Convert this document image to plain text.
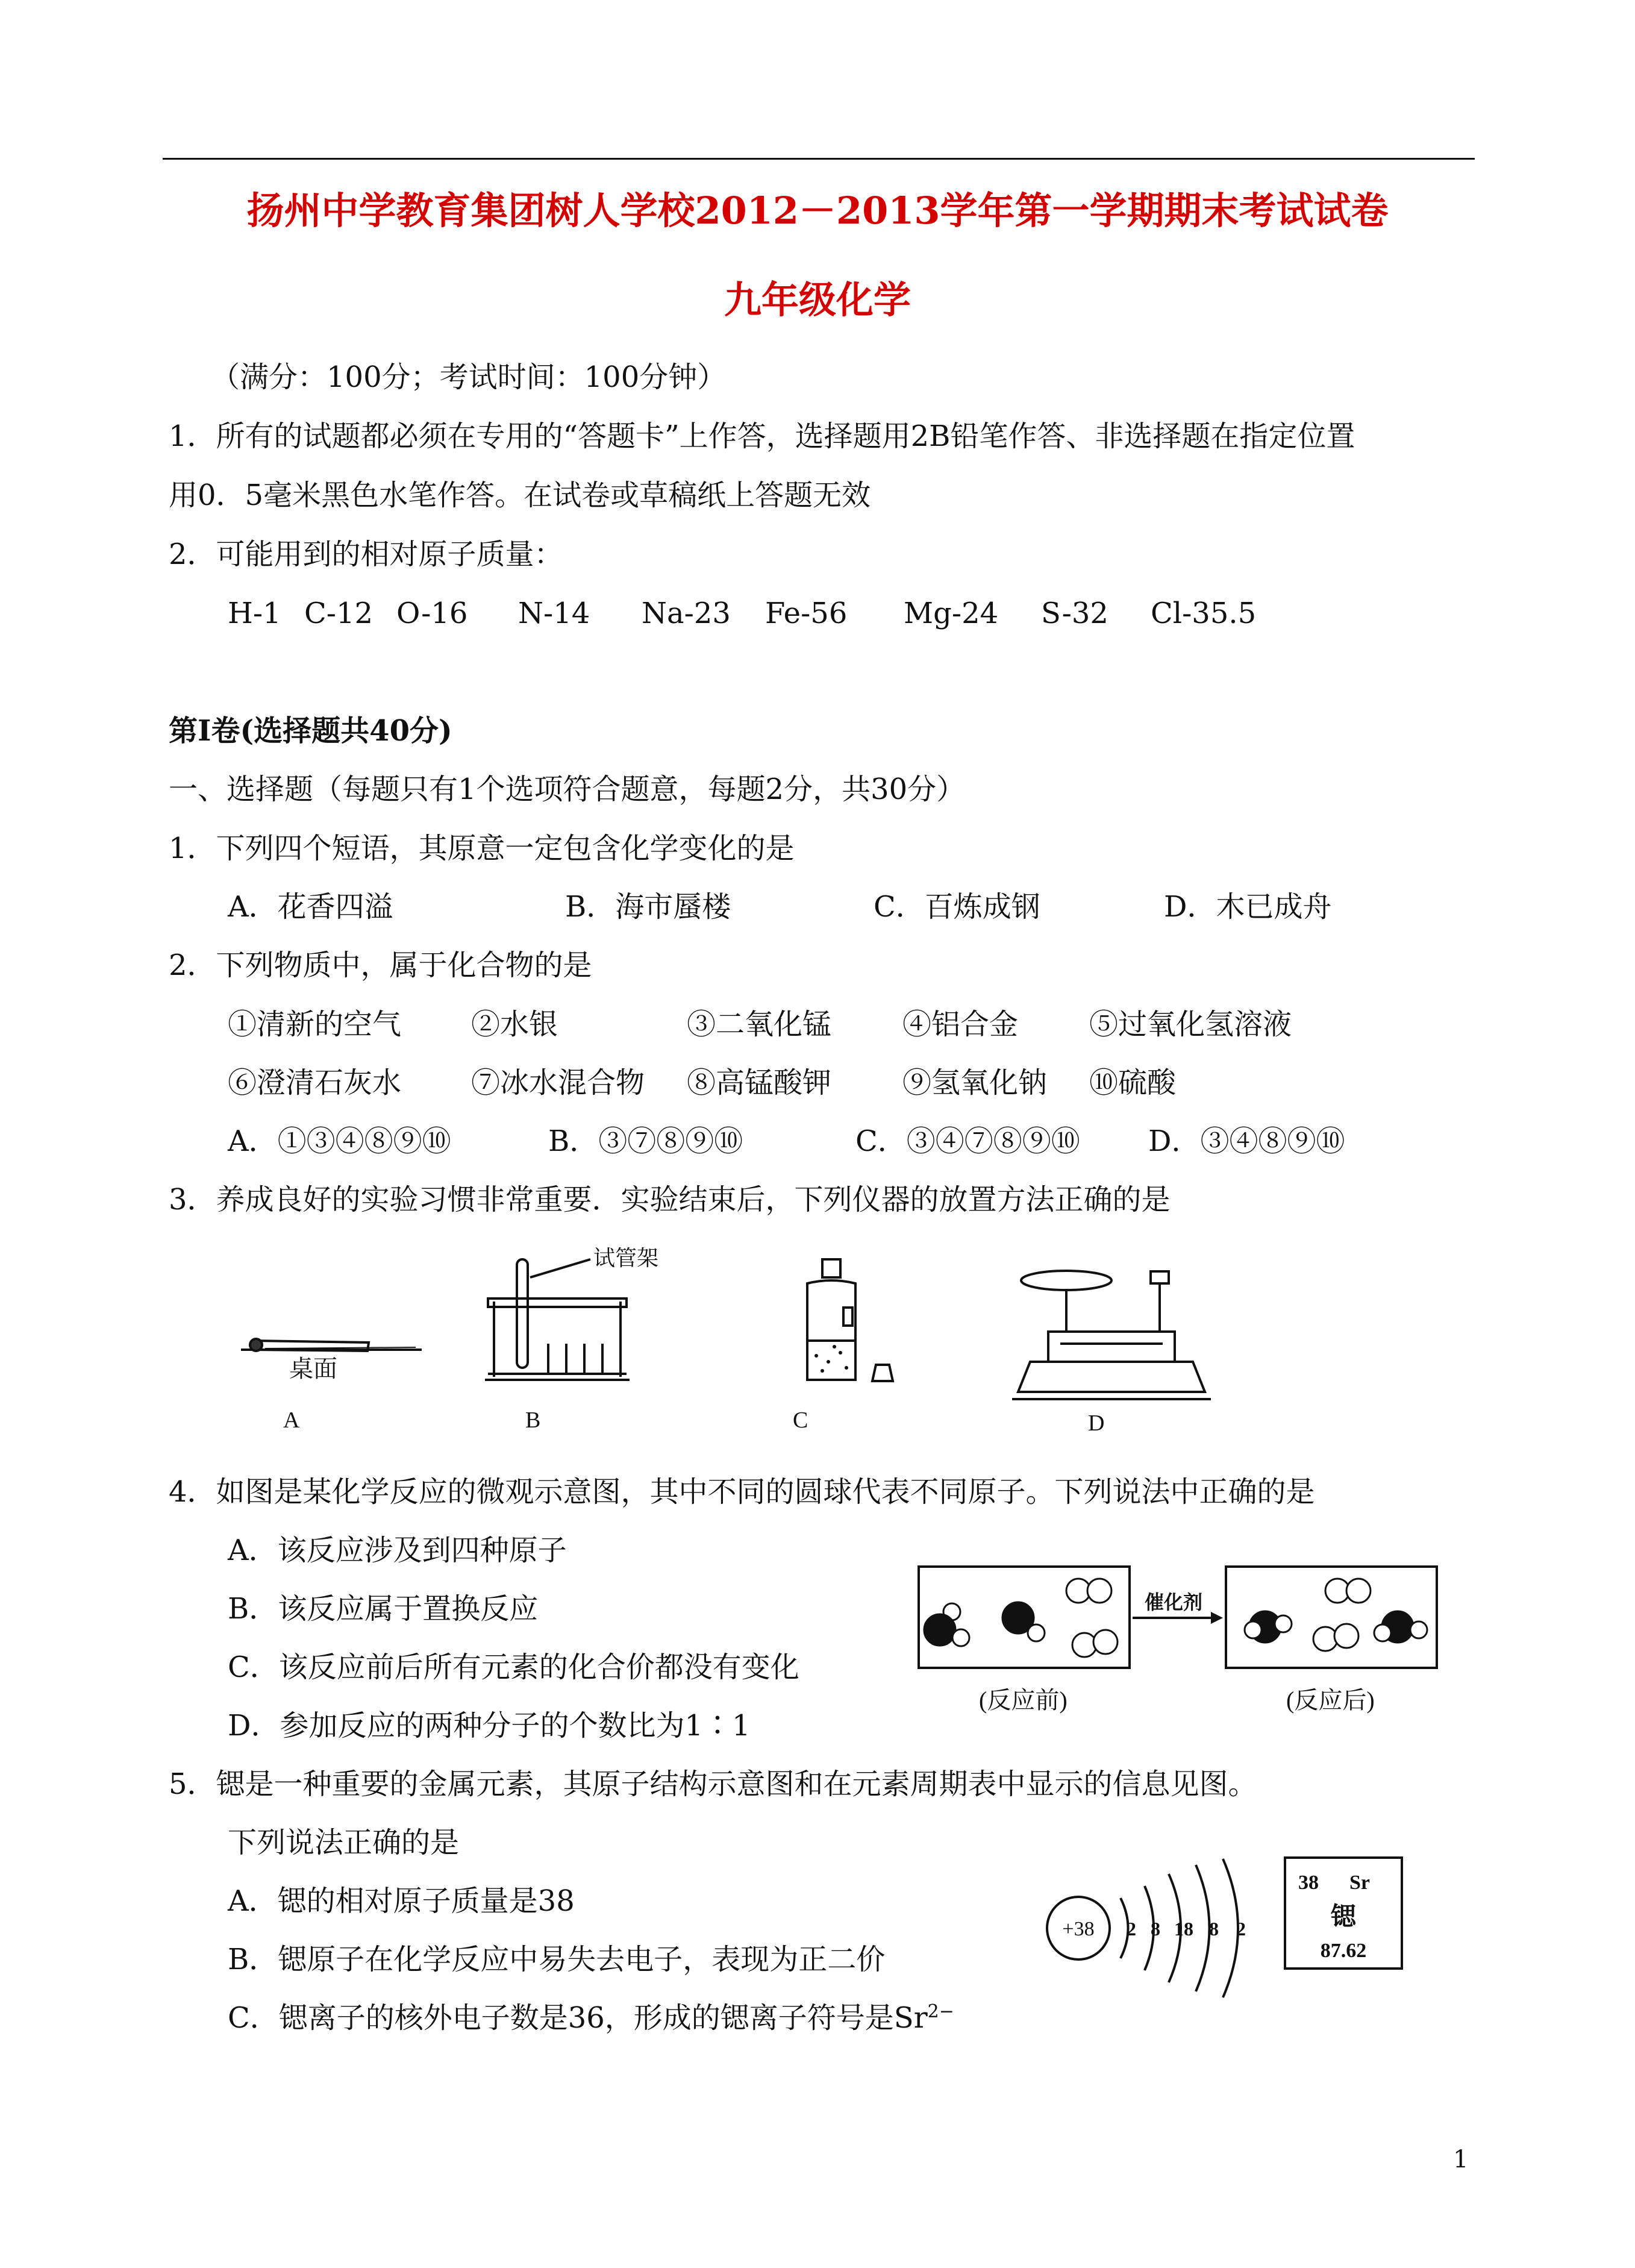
扬州中学教育集团树人学校2012－2013学年第一学期期末考试试卷
九年级化学
（满分：100分；考试时间：100分钟）
1．所有的试题都必须在专用的“答题卡”上作答，选择题用2B铅笔作答、非选择题在指定位置
用0．5毫米黑色水笔作答。在试卷或草稿纸上答题无效
2．可能用到的相对原子质量：
H-1 C-12 O-16 N-14 Na-23 Fe-56 Mg-24 S-32 Cl-35.5
第Ⅰ卷(选择题共40分)
一、选择题（每题只有1个选项符合题意，每题2分，共30分）
1．下列四个短语，其原意一定包含化学变化的是
A．花香四溢	B．海市蜃楼	C．百炼成钢	D．木已成舟
2．下列物质中，属于化合物的是
①清新的空气 ②水银	③二氧化锰 ④铝合金 ⑤过氧化氢溶液
⑥澄清石灰水 ⑦冰水混合物 ⑧高锰酸钾 ⑨氢氧化钠 ⑩硫酸
A．①③④⑧⑨⑩	B．③⑦⑧⑨⑩	C．③④⑦⑧⑨⑩ D．③④⑧⑨⑩
3．养成良好的实验习惯非常重要．实验结束后，下列仪器的放置方法正确的是
桌面
试管架
A	B	C	D
4．如图是某化学反应的微观示意图，其中不同的圆球代表不同原子。下列说法中正确的是
A．该反应涉及到四种原子
B．该反应属于置换反应
C．该反应前后所有元素的化合价都没有变化
D．参加反应的两种分子的个数比为1∶1
催化剂
(反应前)	(反应后)
5．锶是一种重要的金属元素，其原子结构示意图和在元素周期表中显示的信息见图。
下列说法正确的是
A．锶的相对原子质量是38
B．锶原子在化学反应中易失去电子，表现为正二价
C．锶离子的核外电子数是36，形成的锶离子符号是$Sr^{2-}$
+38 2 8 18 8 2
38 Sr
锶
87.62
1
